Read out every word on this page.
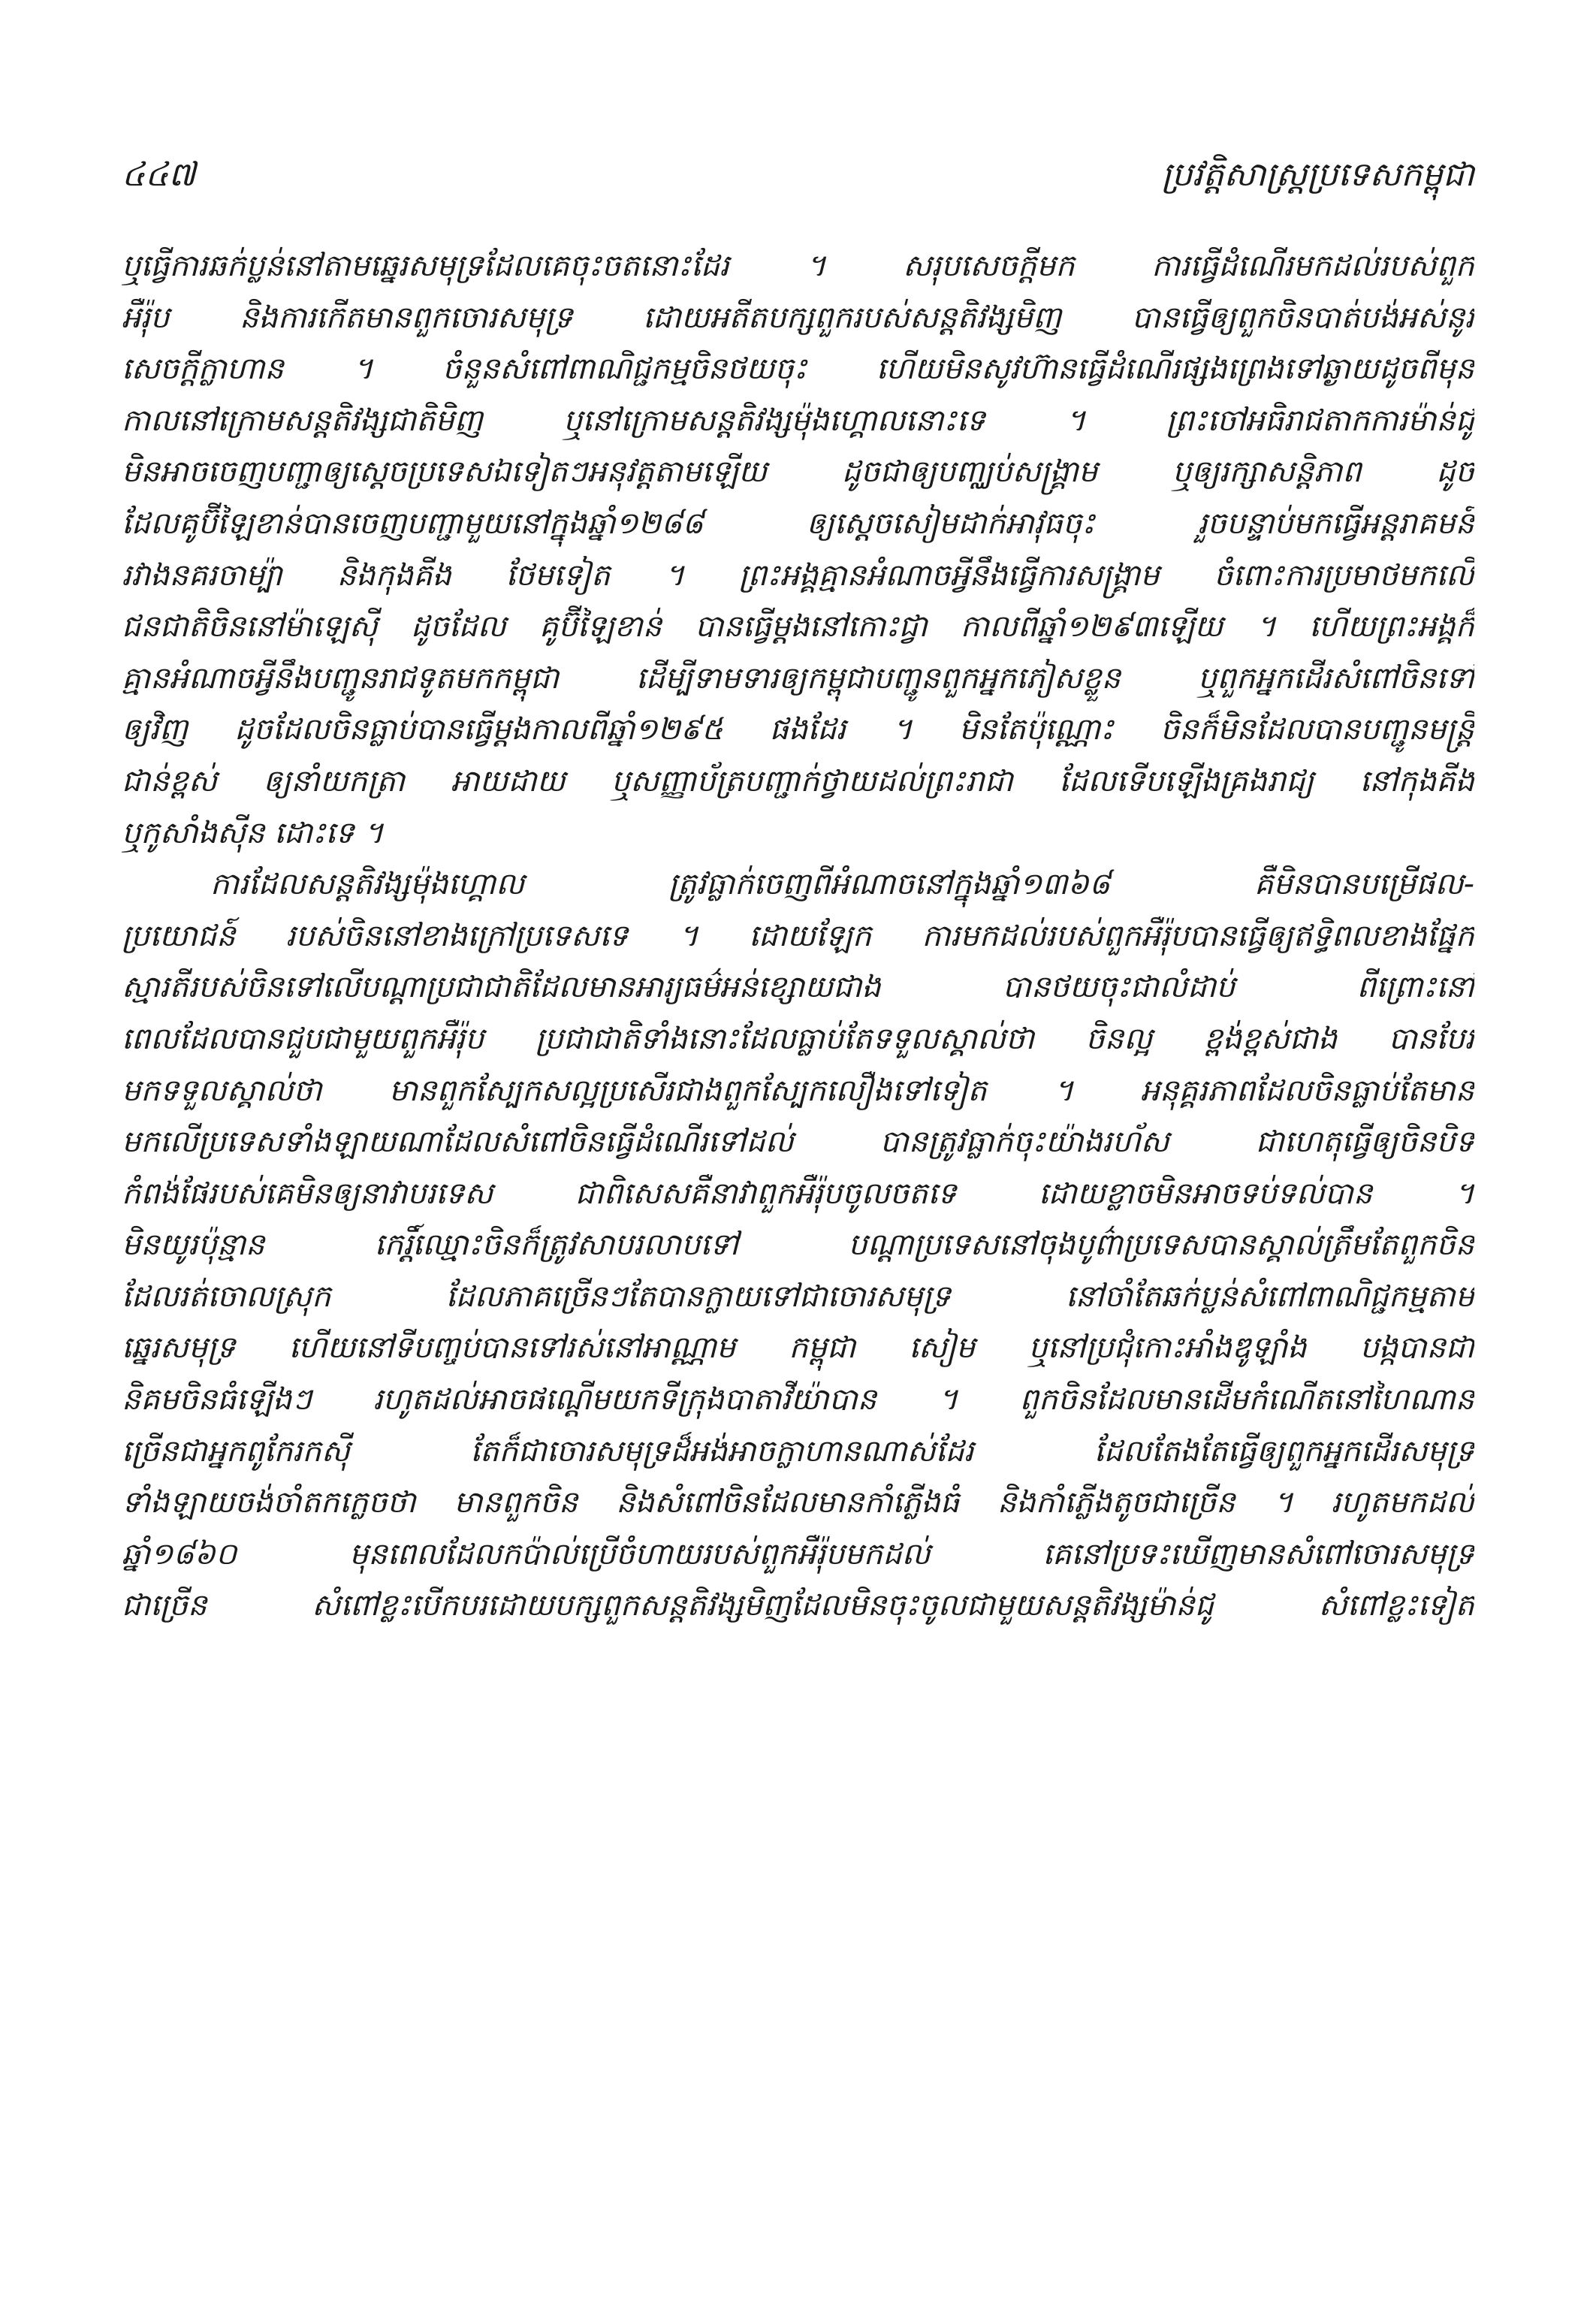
៤៤៧	ប្រវត្តិសាស្ត្រប្រទេសកម្ពុជា
ឬធ្វើការឆក់ប្លន់នៅតាមឆ្នេរសមុទ្រដែលគេចុះចតនោះដែរ ។ សរុបសេចក្តីមក ការធ្វើដំណើរមកដល់របស់ពួក
អឺរ៉ុប និងការកើតមានពួកចោរសមុទ្រ ដោយអតីតបក្សពួករបស់សន្តតិវង្សមិញ បានធ្វើឲ្យពួកចិនបាត់បង់អស់នូវ
សេចក្តីក្លាហាន ។ ចំនួនសំពៅពាណិជ្ជកម្មចិនថយចុះ ហើយមិនសូវហ៊ានធ្វើដំណើរផ្សងព្រេងទៅឆ្ងាយដូចពីមុន
កាលនៅក្រោមសន្តតិវង្សជាតិមិញ ឬនៅក្រោមសន្តតិវង្សម៉ុងហ្គោលនោះទេ ។ ព្រះចៅអធិរាជតាកការម៉ាន់ជូ
មិនអាចចេញបញ្ជាឲ្យស្តេចប្រទេសឯទៀតៗអនុវត្តតាមឡើយ ដូចជាឲ្យបញ្ឈប់សង្គ្រាម ឬឲ្យរក្សាសន្តិភាព ដូច
ដែលគូប៊ីឡៃខាន់បានចេញបញ្ជាមួយនៅក្នុងឆ្នាំ១២៨៨ ឲ្យស្តេចសៀមដាក់អាវុធចុះ រួចបន្ទាប់មកធ្វើអន្តរាគមន៍
រវាងនគរចាម្ប៉ា និងកុងគីង ថែមទៀត ។ ព្រះអង្គគ្មានអំណាចអ្វីនឹងធ្វើការសង្គ្រាម ចំពោះការប្រមាថមកលើ
ជនជាតិចិននៅម៉ាឡេស៊ី ដូចដែល គូប៊ីឡៃខាន់ បានធ្វើម្តងនៅកោះជ្វា កាលពីឆ្នាំ១២៩៣ឡើយ ។ ហើយព្រះអង្គក៏
គ្មានអំណាចអ្វីនឹងបញ្ជូនរាជទូតមកកម្ពុជា ដើម្បីទាមទារឲ្យកម្ពុជាបញ្ជូនពួកអ្នកភៀសខ្លួន ឬពួកអ្នកដើរសំពៅចិនទៅ
ឲ្យវិញ ដូចដែលចិនធ្លាប់បានធ្វើម្តងកាលពីឆ្នាំ១២៩៥ ផងដែរ ។ មិនតែប៉ុណ្ណោះ ចិនក៏មិនដែលបានបញ្ជូនមន្ត្រី
ជាន់ខ្ពស់ ឲ្យនាំយកត្រា អាយដាយ ឬសញ្ញាប័ត្របញ្ជាក់ថ្វាយដល់ព្រះរាជា ដែលទើបឡើងគ្រងរាជ្យ នៅកុងគីង
ឬកូសាំងស៊ីន ដោះទេ ។
ការដែលសន្តតិវង្សម៉ុងហ្គោល ត្រូវធ្លាក់ចេញពីអំណាចនៅក្នុងឆ្នាំ១៣៦៨ គឺមិនបានបម្រើផល-
ប្រយោជន៍ របស់ចិននៅខាងក្រៅប្រទេសទេ ។ ដោយឡែក ការមកដល់របស់ពួកអឺរ៉ុបបានធ្វើឲ្យឥទ្ធិពលខាងផ្នែក
ស្មារតីរបស់ចិនទៅលើបណ្តាប្រជាជាតិដែលមានអារ្យធម៌អន់ខ្សោយជាង បានថយចុះជាលំដាប់ ពីព្រោះនៅ
ពេលដែលបានជួបជាមួយពួកអឺរ៉ុប ប្រជាជាតិទាំងនោះដែលធ្លាប់តែទទួលស្គាល់ថា ចិនល្អ ខ្ពង់ខ្ពស់ជាង បានបែរ
មកទទួលស្គាល់ថា មានពួកស្បែកសល្អប្រសើរជាងពួកស្បែកលឿងទៅទៀត ។ អនុគ្គរភាពដែលចិនធ្លាប់តែមាន
មកលើប្រទេសទាំងឡាយណាដែលសំពៅចិនធ្វើដំណើរទៅដល់ បានត្រូវធ្លាក់ចុះយ៉ាងរហ័ស ជាហេតុធ្វើឲ្យចិនបិទ
កំពង់ផែរបស់គេមិនឲ្យនាវាបរទេស ជាពិសេសគឺនាវាពួកអឺរ៉ុបចូលចតទេ ដោយខ្លាចមិនអាចទប់ទល់បាន ។
មិនយូរប៉ុន្មាន កេរ្តិ៍ឈ្មោះចិនក៏ត្រូវសាបរលាបទៅ បណ្តាប្រទេសនៅចុងបូព៌ាប្រទេសបានស្គាល់ត្រឹមតែពួកចិន
ដែលរត់ចោលស្រុក ដែលភាគច្រើនៗតែបានក្លាយទៅជាចោរសមុទ្រ នៅចាំតែឆក់ប្លន់សំពៅពាណិជ្ជកម្មតាម
ឆ្នេរសមុទ្រ ហើយនៅទីបញ្ចប់បានទៅរស់នៅអាណ្ណាម កម្ពុជា សៀម ឬនៅប្រជុំកោះអាំងឌូឡាំង បង្កបានជា
និគមចិនធំឡើងៗ រហូតដល់អាចផណ្តើមយកទីក្រុងបាតាវីយ៉ាបាន ។ ពួកចិនដែលមានដើមកំណើតនៅហៃណាន
ច្រើនជាអ្នកពូកែរកស៊ី តែក៏ជាចោរសមុទ្រដ៏អង់អាចក្លាហានណាស់ដែរ ដែលតែងតែធ្វើឲ្យពួកអ្នកដើរសមុទ្រ
ទាំងឡាយចង់ចាំតកក្លេចថា មានពួកចិន និងសំពៅចិនដែលមានកាំភ្លើងធំ និងកាំភ្លើងតូចជាច្រើន ។ រហូតមកដល់
ឆ្នាំ១៨៦០ មុនពេលដែលកប៉ាល់ប្រើចំហាយរបស់ពួកអឺរ៉ុបមកដល់ គេនៅប្រទះឃើញមានសំពៅចោរសមុទ្រ
ជាច្រើន សំពៅខ្លះបើកបរដោយបក្សពួកសន្តតិវង្សមិញដែលមិនចុះចូលជាមួយសន្តតិវង្សម៉ាន់ជូ សំពៅខ្លះទៀត
